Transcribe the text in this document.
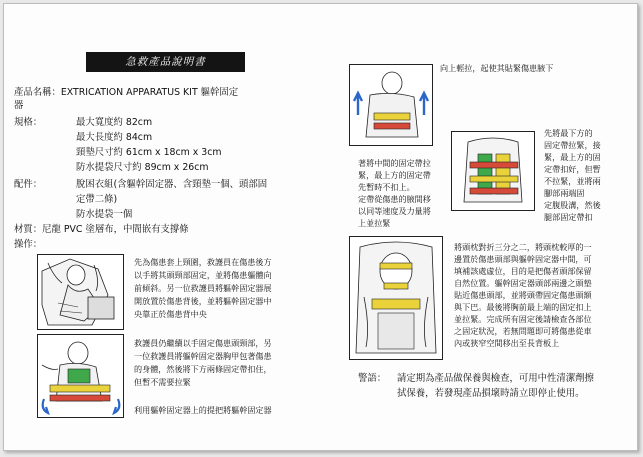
急救產品說明書
產品名稱：EXTRICATION APPARATUS KIT 軀幹固定
器
規格：	最大寬度約 82cm
最大長度約 84cm
頸墊尺寸約 61cm x 18cm x 3cm
防水提袋尺寸約 89cm x 26cm
配件：	脫困衣組(含軀幹固定器、含頸墊一個、頭部固
定帶二條)
防水提袋一個
材質：尼龍 PVC 塗層布，中間嵌有支撐條
操作：
先為傷患套上頸圍，救護員在傷患後方
以手將其頭頸部固定，並將傷患軀體向
前傾斜。另一位救護員將軀幹固定器展
開放置於傷患背後，並將軀幹固定器中
央靠正於傷患背中央
救護員仍繼續以手固定傷患頭頸部，另
一位救護員將軀幹固定器胸甲包著傷患
的身體，然後將下方兩條固定帶扣住，
但暫不需要拉緊
利用軀幹固定器上的提把將軀幹固定器
向上輕拉，起使其貼緊傷患腋下
著將中間的固定帶拉
緊，最上方的固定帶
先暫時不扣上。
定帶從傷患的腋間移
以同等速度及力量將
上並拉緊
先將最下方的
固定帶拉緊，接
緊，最上方的固
定帶扣好，但暫
不拉緊，並將兩
腳部兩端固
定腹股溝，然後
腿部固定帶扣
將頭枕對折三分之二，將頭枕較厚的一
邊置於傷患頭部與軀幹固定器中間，可
填補該處虛位，目的是把傷者頭部保留
自然位置。軀幹固定器頭部兩邊之頭墊
貼近傷患頭部，並將頭帶固定傷患頭額
與下巴。最後將胸前最上端的固定扣上
並拉緊。完成所有固定後請檢查各部位
之固定狀況，若無問題即可將傷患從車
內或狹窄空間移出至長背板上
警語： 請定期為產品做保養與檢查，可用中性清潔劑擦
拭保養，若發現產品損壞時請立即停止使用。
